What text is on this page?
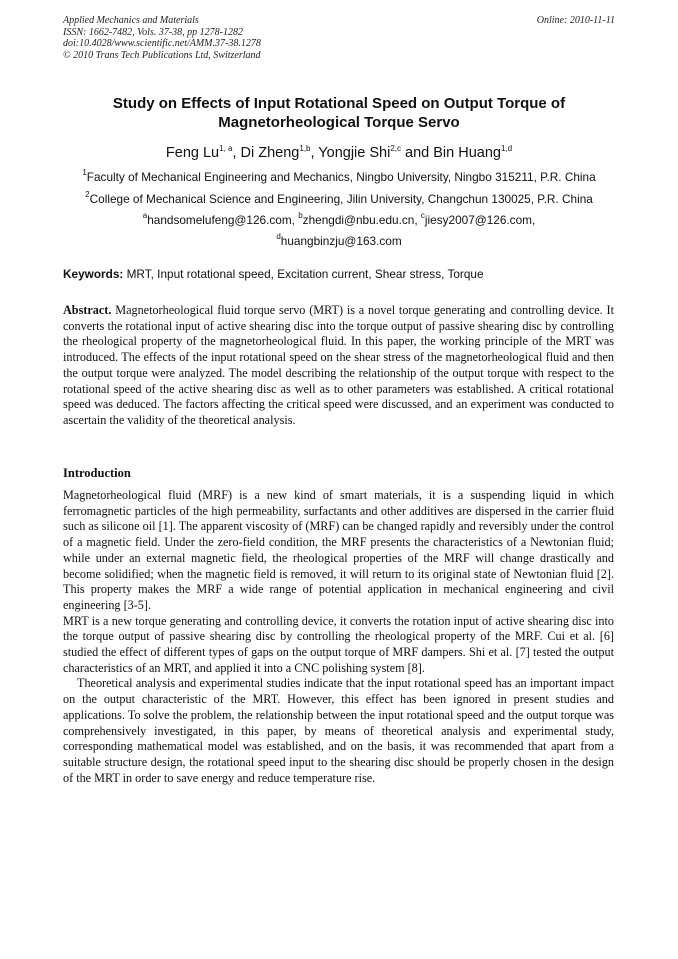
Applied Mechanics and Materials
ISSN: 1662-7482, Vols. 37-38, pp 1278-1282
doi:10.4028/www.scientific.net/AMM.37-38.1278
© 2010 Trans Tech Publications Ltd, Switzerland
Online: 2010-11-11
Study on Effects of Input Rotational Speed on Output Torque of
Magnetorheological Torque Servo
Feng Lu$^{1, a}$, Di Zheng$^{1,b}$, Yongjie Shi$^{2,c}$ and Bin Huang$^{1,d}$
$^1$Faculty of Mechanical Engineering and Mechanics, Ningbo University, Ningbo 315211, P.R. China
$^2$College of Mechanical Science and Engineering, Jilin University, Changchun 130025, P.R. China
$^a$handsomelufeng@126.com, $^b$zhengdi@nbu.edu.cn, $^c$jiesy2007@126.com,
$^d$huangbinzju@163.com
Keywords: MRT, Input rotational speed, Excitation current, Shear stress, Torque

Abstract. Magnetorheological fluid torque servo (MRT) is a novel torque generating and controlling device. It converts the rotational input of active shearing disc into the torque output of passive shearing disc by controlling the rheological property of the magnetorheological fluid. In this paper, the working principle of the MRT was introduced. The effects of the input rotational speed on the shear stress of the magnetorheological fluid and then the output torque were analyzed. The model describing the relationship of the output torque with respect to the rotational speed of the active shearing disc as well as to other parameters was established. A critical rotational speed was deduced. The factors affecting the critical speed were discussed, and an experiment was conducted to ascertain the validity of the theoretical analysis.

Introduction

Magnetorheological fluid (MRF) is a new kind of smart materials, it is a suspending liquid in which ferromagnetic particles of the high permeability, surfactants and other additives are dispersed in the carrier fluid such as silicone oil [1]. The apparent viscosity of (MRF) can be changed rapidly and reversibly under the control of a magnetic field. Under the zero-field condition, the MRF presents the characteristics of a Newtonian fluid; while under an external magnetic field, the rheological properties of the MRF will change drastically and become solidified; when the magnetic field is removed, it will return to its original state of Newtonian fluid [2]. This property makes the MRF a wide range of potential application in mechanical engineering and civil engineering [3-5].

MRT is a new torque generating and controlling device, it converts the rotation input of active shearing disc into the torque output of passive shearing disc by controlling the rheological property of the MRF. Cui et al. [6] studied the effect of different types of gaps on the output torque of MRF dampers. Shi et al. [7] tested the output characteristics of an MRT, and applied it into a CNC polishing system [8].

Theoretical analysis and experimental studies indicate that the input rotational speed has an important impact on the output characteristic of the MRT. However, this effect has been ignored in present studies and applications. To solve the problem, the relationship between the input rotational speed and the output torque was comprehensively investigated, in this paper, by means of theoretical analysis and experimental study, corresponding mathematical model was established, and on the basis, it was recommended that apart from a suitable structure design, the rotational speed input to the shearing disc should be properly chosen in the design of the MRT in order to save energy and reduce temperature rise.
